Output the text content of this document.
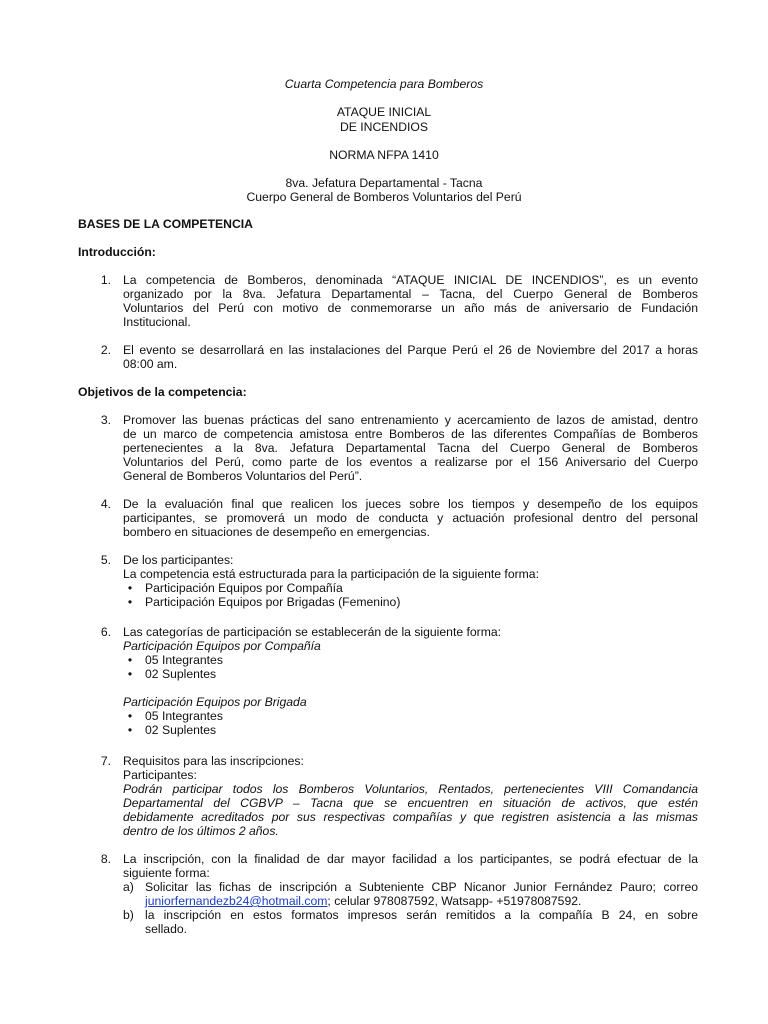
Cuarta Competencia para Bomberos
ATAQUE INICIAL
DE INCENDIOS
NORMA NFPA 1410
8va. Jefatura Departamental - Tacna
Cuerpo General de Bomberos Voluntarios del Perú
BASES DE LA COMPETENCIA
Introducción:
1. La competencia de Bomberos, denominada “ATAQUE INICIAL DE INCENDIOS”, es un evento
organizado por la 8va. Jefatura Departamental – Tacna, del Cuerpo General de Bomberos
Voluntarios del Perú con motivo de conmemorarse un año más de aniversario de Fundación
Institucional.
2. El evento se desarrollará en las instalaciones del Parque Perú el 26 de Noviembre del 2017 a horas
08:00 am.
Objetivos de la competencia:
3. Promover las buenas prácticas del sano entrenamiento y acercamiento de lazos de amistad, dentro
de un marco de competencia amistosa entre Bomberos de las diferentes Compañías de Bomberos
pertenecientes a la 8va. Jefatura Departamental Tacna del Cuerpo General de Bomberos
Voluntarios del Perú, como parte de los eventos a realizarse por el 156 Aniversario del Cuerpo
General de Bomberos Voluntarios del Perú”.
4. De la evaluación final que realicen los jueces sobre los tiempos y desempeño de los equipos
participantes, se promoverá un modo de conducta y actuación profesional dentro del personal
bombero en situaciones de desempeño en emergencias.
5. De los participantes:
La competencia está estructurada para la participación de la siguiente forma:
•	Participación Equipos por Compañía
•	Participación Equipos por Brigadas (Femenino)
6. Las categorías de participación se establecerán de la siguiente forma:
Participación Equipos por Compañía
•	05 Integrantes
•	02 Suplentes
Participación Equipos por Brigada
•	05 Integrantes
•	02 Suplentes
7. Requisitos para las inscripciones:
Participantes:
Podrán participar todos los Bomberos Voluntarios, Rentados, pertenecientes VIII Comandancia
Departamental del CGBVP – Tacna que se encuentren en situación de activos, que estén
debidamente acreditados por sus respectivas compañías y que registren asistencia a las mismas
dentro de los últimos 2 años.
8. La inscripción, con la finalidad de dar mayor facilidad a los participantes, se podrá efectuar de la
siguiente forma:
a) Solicitar las fichas de inscripción a Subteniente CBP Nicanor Junior Fernández Pauro; correo
juniorfernandezb24@hotmail.com; celular 978087592, Watsapp- +51978087592.
b) la inscripción en estos formatos impresos serán remitidos a la compañía B 24, en sobre
sellado.
